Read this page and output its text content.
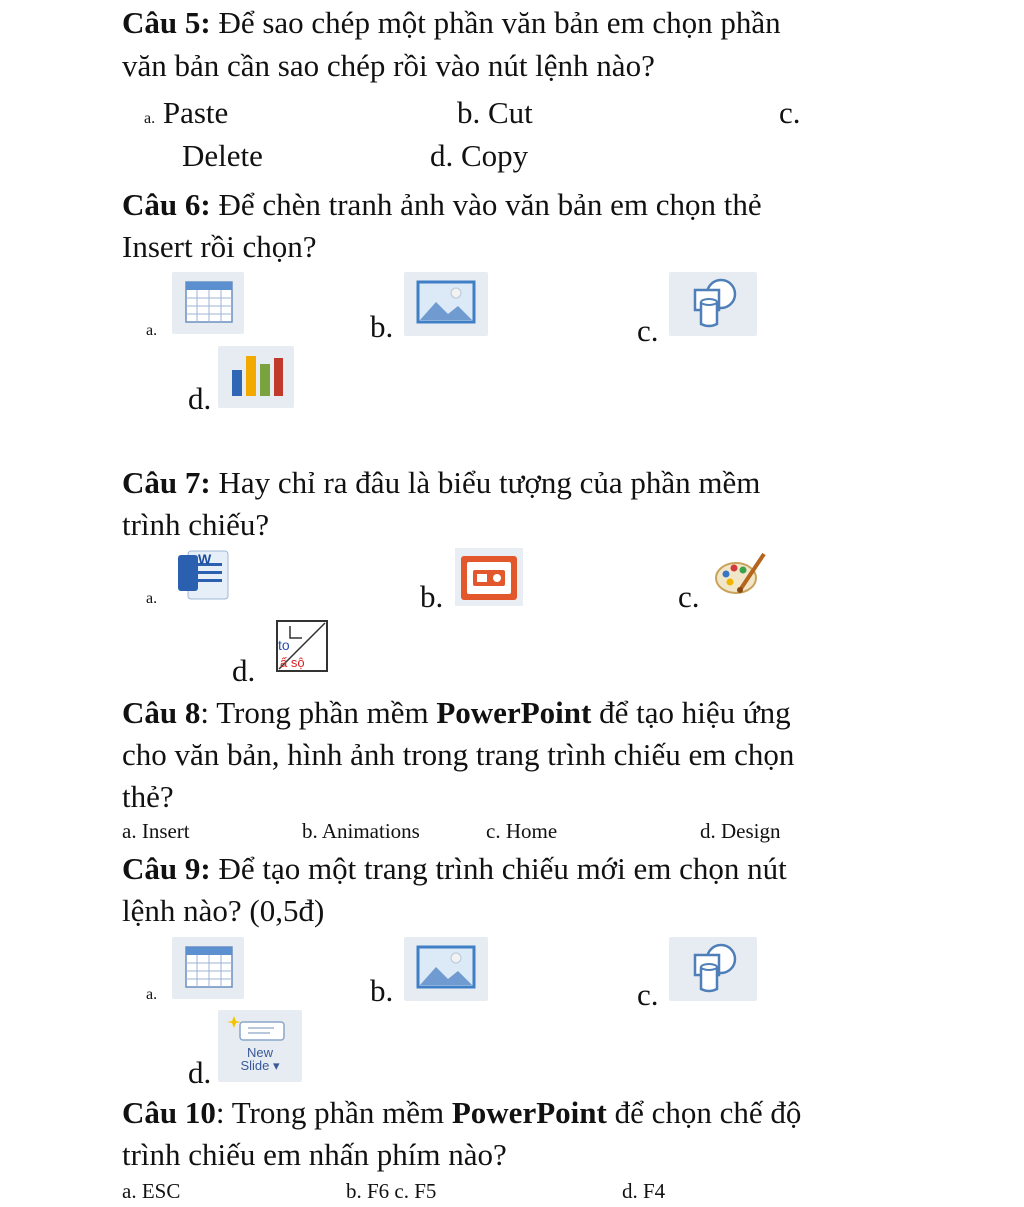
Câu 5: Để sao chép một phần văn bản em chọn phần
văn bản cần sao chép rồi vào nút lệnh nào?
a. Paste	b. Cut	c.
Delete	d. Copy
Câu 6: Để chèn tranh ảnh vào văn bản em chọn thẻ
Insert rồi chọn?
a.	b.	c.
d.
Câu 7: Hay chỉ ra đâu là biểu tượng của phần mềm
trình chiếu?
a.
W
b.	c.
d.
to
ấ sộ
Câu 8: Trong phần mềm PowerPoint để tạo hiệu ứng
cho văn bản, hình ảnh trong trang trình chiếu em chọn
thẻ?
a. Insert	b. Animations	c. Home	d. Design
Câu 9: Để tạo một trang trình chiếu mới em chọn nút
lệnh nào? (0,5đ)
a.	b.	c.
d.
New
Slide ▾
Câu 10: Trong phần mềm PowerPoint để chọn chế độ
trình chiếu em nhấn phím nào?
a. ESC	b. F6 c. F5	d. F4
